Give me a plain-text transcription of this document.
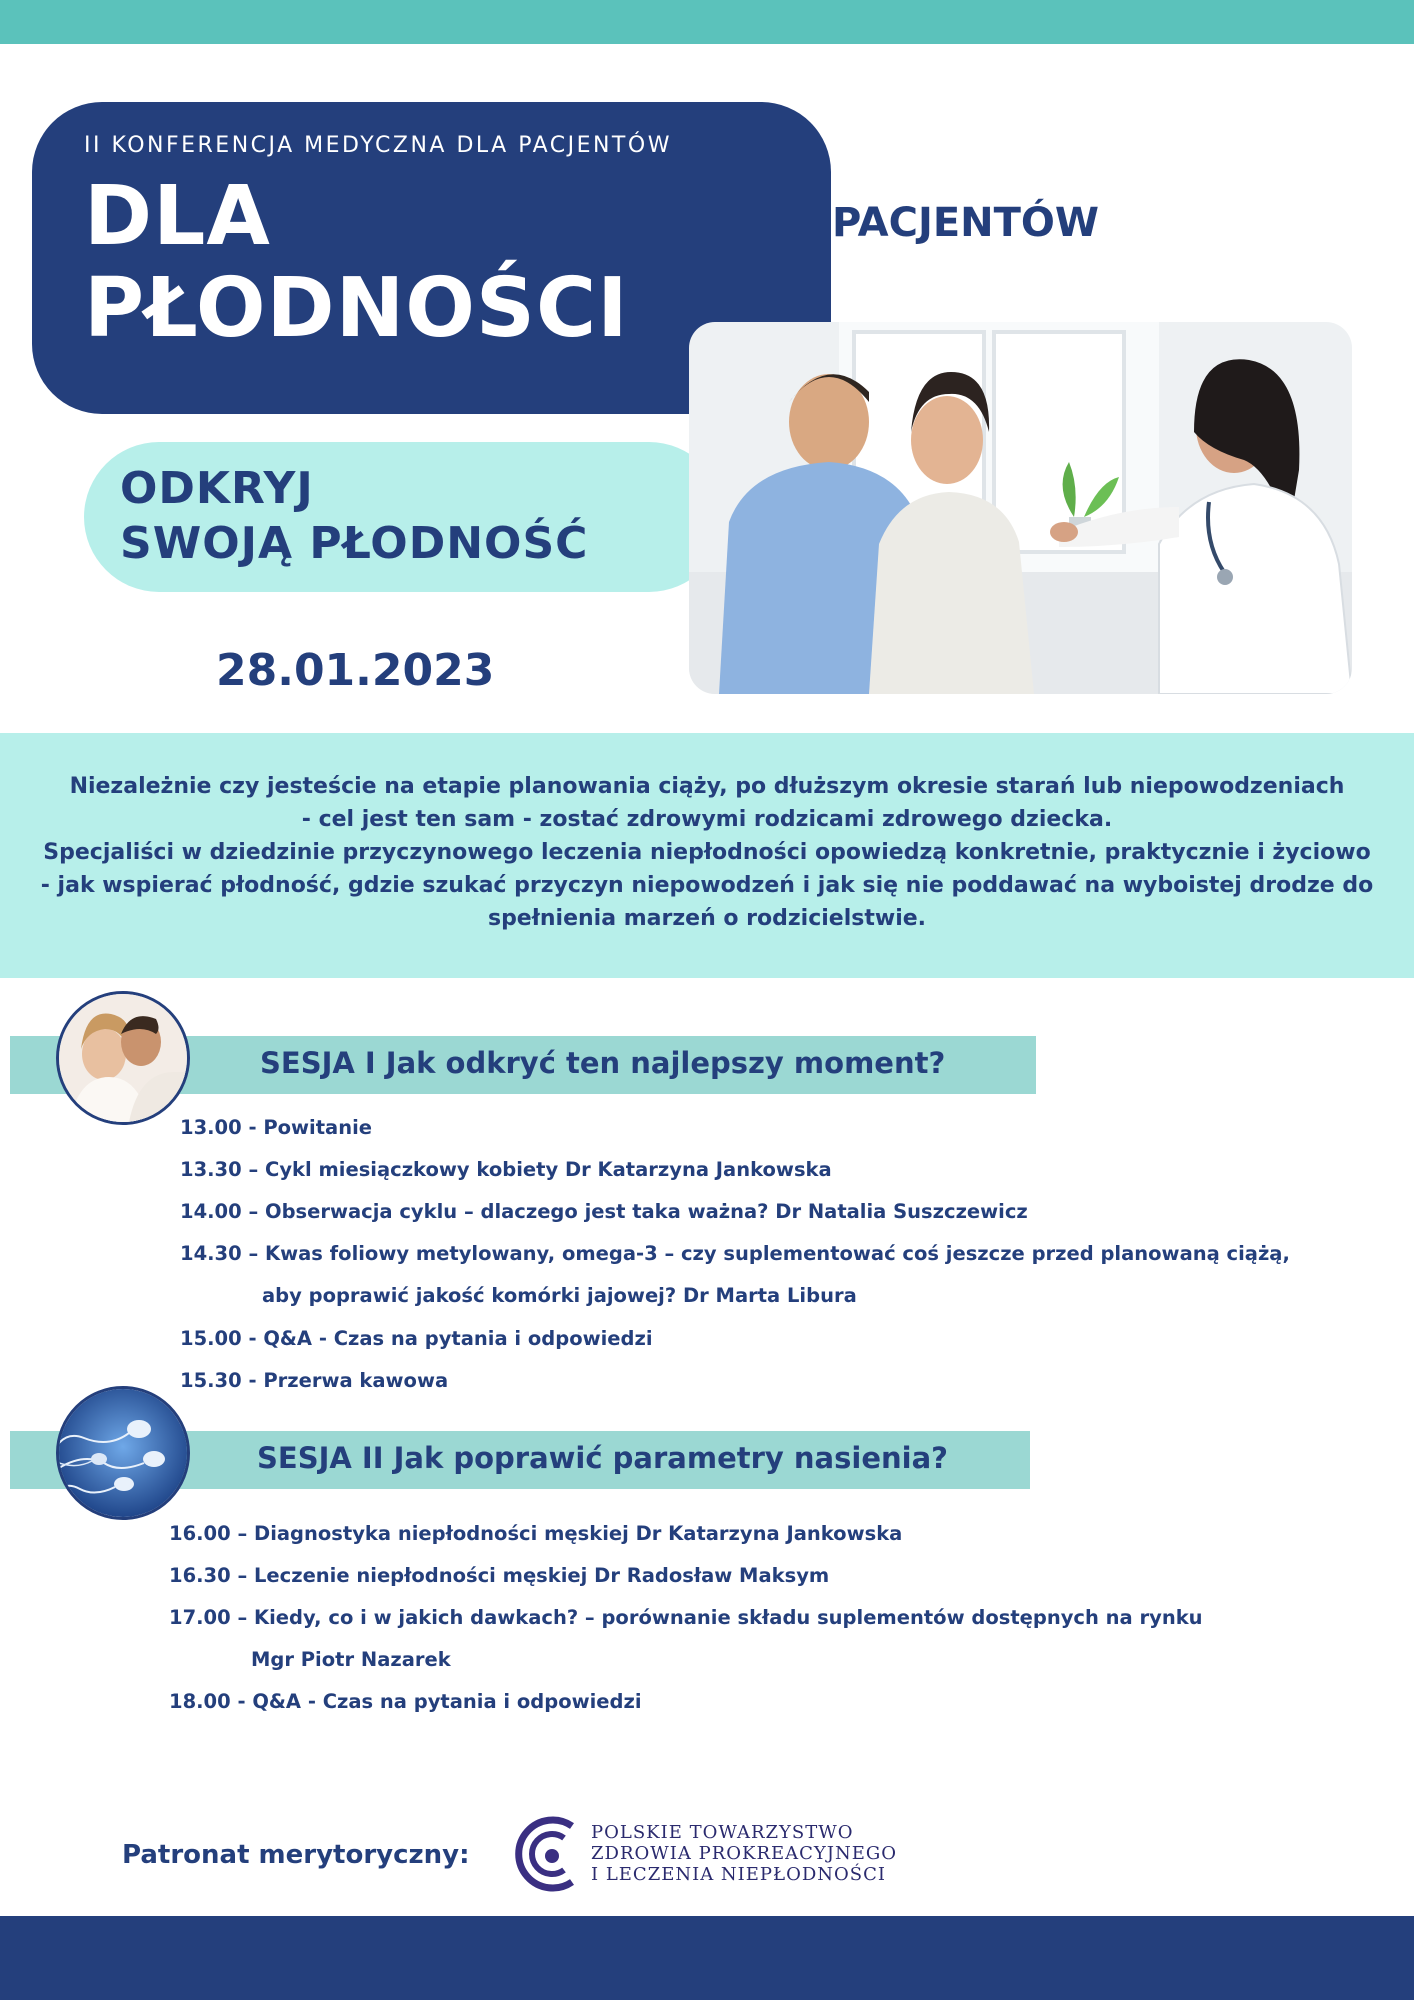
PACJENTÓW
II KONFERENCJA MEDYCZNA DLA PACJENTÓW
DLA
PŁODNOŚCI
ODKRYJ
SWOJĄ PŁODNOŚĆ
28.01.2023
Niezależnie czy jesteście na etapie planowania ciąży, po dłuższym okresie starań lub niepowodzeniach
- cel jest ten sam - zostać zdrowymi rodzicami zdrowego dziecka.
Specjaliści w dziedzinie przyczynowego leczenia niepłodności opowiedzą konkretnie, praktycznie i życiowo
- jak wspierać płodność, gdzie szukać przyczyn niepowodzeń i jak się nie poddawać na wyboistej drodze do
spełnienia marzeń o rodzicielstwie.
SESJA I Jak odkryć ten najlepszy moment?
13.00 - Powitanie
13.30 – Cykl miesiączkowy kobiety Dr Katarzyna Jankowska
14.00 – Obserwacja cyklu – dlaczego jest taka ważna? Dr Natalia Suszczewicz
14.30 – Kwas foliowy metylowany, omega-3 – czy suplementować coś jeszcze przed planowaną ciążą,
aby poprawić jakość komórki jajowej? Dr Marta Libura
15.00 - Q&A - Czas na pytania i odpowiedzi
15.30 - Przerwa kawowa
SESJA II Jak poprawić parametry nasienia?
16.00 – Diagnostyka niepłodności męskiej Dr Katarzyna Jankowska
16.30 – Leczenie niepłodności męskiej Dr Radosław Maksym
17.00 – Kiedy, co i w jakich dawkach? – porównanie składu suplementów dostępnych na rynku
Mgr Piotr Nazarek
18.00 - Q&A - Czas na pytania i odpowiedzi
Patronat merytoryczny:
POLSKIE TOWARZYSTWO
ZDROWIA PROKREACYJNEGO
I LECZENIA NIEPŁODNOŚCI
